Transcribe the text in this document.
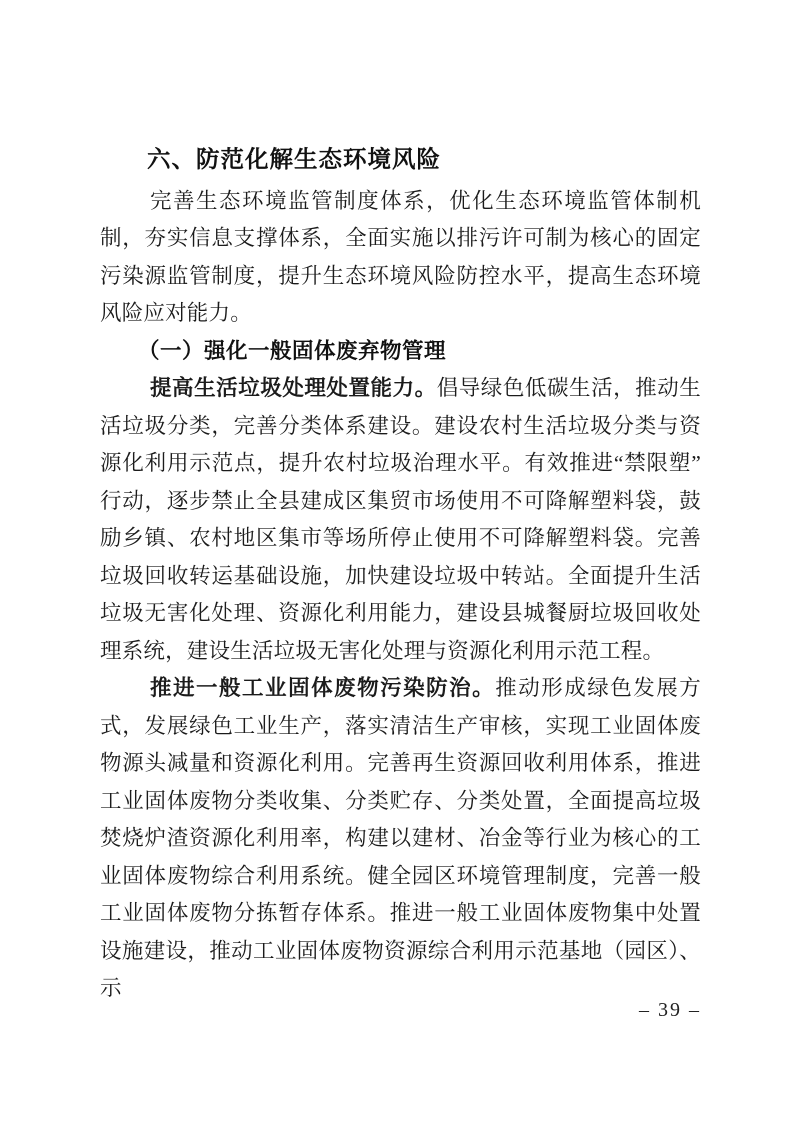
六、防范化解生态环境风险

完善生态环境监管制度体系，优化生态环境监管体制机制，夯实信息支撑体系，全面实施以排污许可制为核心的固定污染源监管制度，提升生态环境风险防控水平，提高生态环境风险应对能力。

（一）强化一般固体废弃物管理

提高生活垃圾处理处置能力。倡导绿色低碳生活，推动生活垃圾分类，完善分类体系建设。建设农村生活垃圾分类与资源化利用示范点，提升农村垃圾治理水平。有效推进“禁限塑”行动，逐步禁止全县建成区集贸市场使用不可降解塑料袋，鼓励乡镇、农村地区集市等场所停止使用不可降解塑料袋。完善垃圾回收转运基础设施，加快建设垃圾中转站。全面提升生活垃圾无害化处理、资源化利用能力，建设县城餐厨垃圾回收处理系统，建设生活垃圾无害化处理与资源化利用示范工程。

推进一般工业固体废物污染防治。推动形成绿色发展方式，发展绿色工业生产，落实清洁生产审核，实现工业固体废物源头减量和资源化利用。完善再生资源回收利用体系，推进工业固体废物分类收集、分类贮存、分类处置，全面提高垃圾焚烧炉渣资源化利用率，构建以建材、冶金等行业为核心的工业固体废物综合利用系统。健全园区环境管理制度，完善一般工业固体废物分拣暂存体系。推进一般工业固体废物集中处置设施建设，推动工业固体废物资源综合利用示范基地（园区）、示

– 39 –
